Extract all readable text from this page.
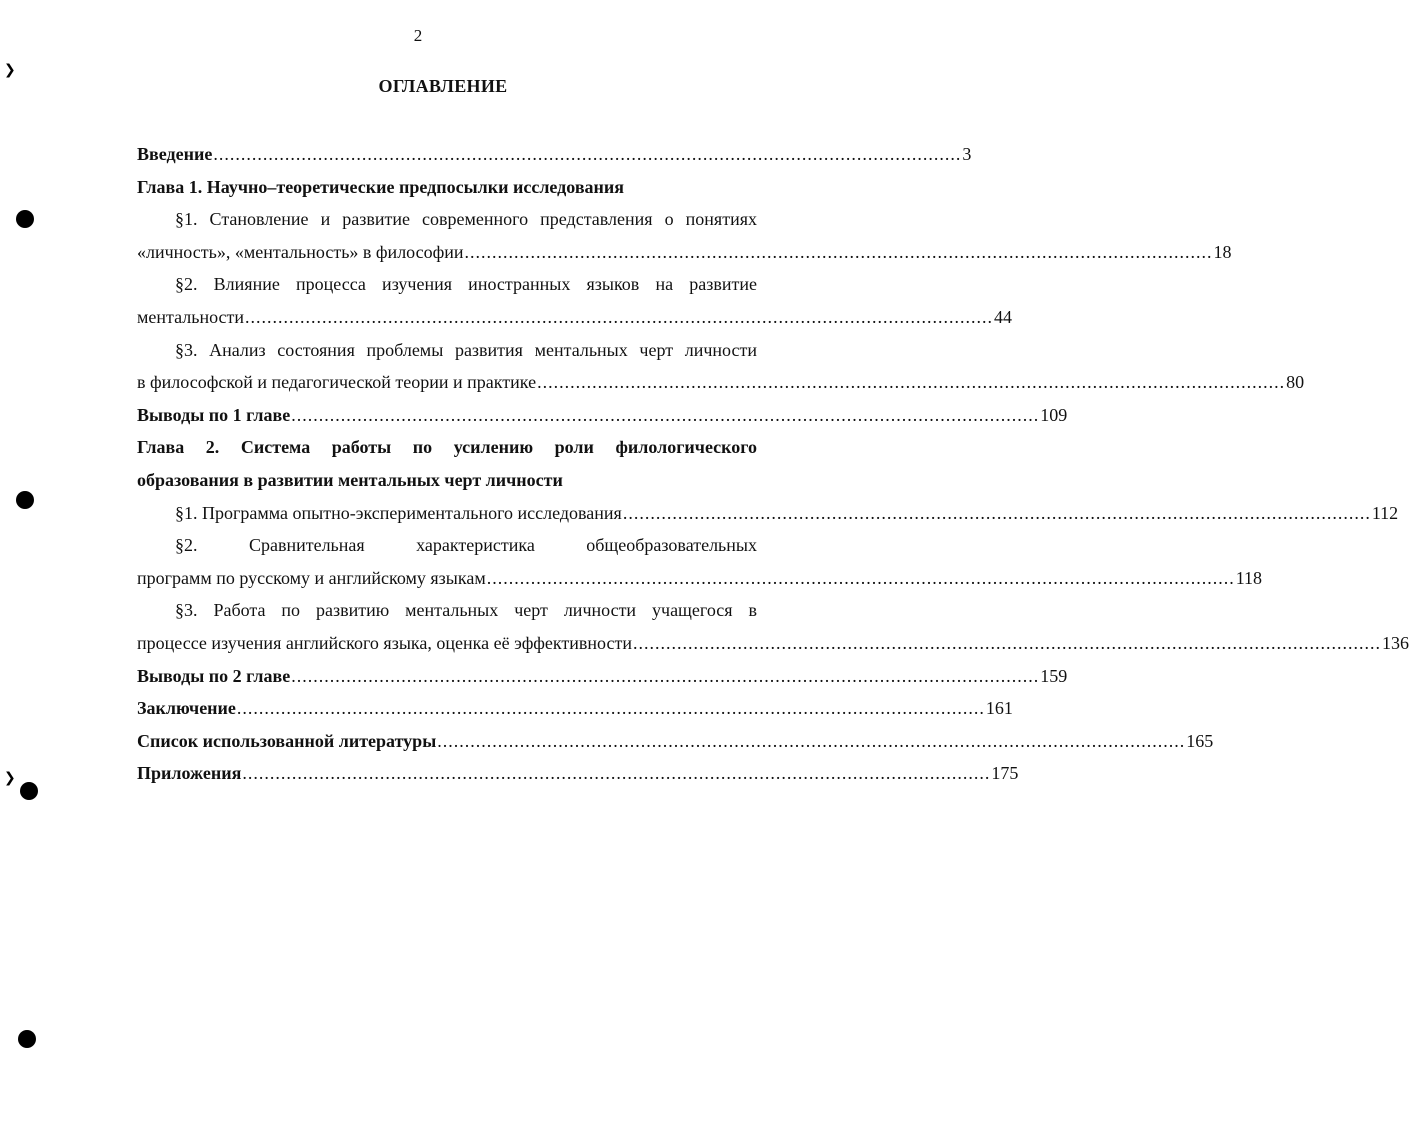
❯
❯
2
ОГЛАВЛЕНИЕ
Введение ........................................................................................................................................ 3
Глава 1. Научно–теоретические предпосылки исследования
§1. Становление и развитие современного представления о понятиях
«личность», «ментальность» в философии ........................................................................................................................................ 18
§2. Влияние процесса изучения иностранных языков на развитие
ментальности ........................................................................................................................................ 44
§3. Анализ состояния проблемы развития ментальных черт личности
в философской и педагогической теории и практике ........................................................................................................................................ 80
Выводы по 1 главе ........................................................................................................................................ 109
Глава 2. Система работы по усилению роли филологического
образования в развитии ментальных черт личности
§1. Программа опытно-экспериментального исследования ........................................................................................................................................ 112
§2. Сравнительная характеристика общеобразовательных
программ по русскому и английскому языкам ........................................................................................................................................ 118
§3. Работа по развитию ментальных черт личности учащегося в
процессе изучения английского языка, оценка её эффективности ........................................................................................................................................ 136
Выводы по 2 главе ........................................................................................................................................ 159
Заключение ........................................................................................................................................ 161
Список использованной литературы ........................................................................................................................................ 165
Приложения ........................................................................................................................................ 175
